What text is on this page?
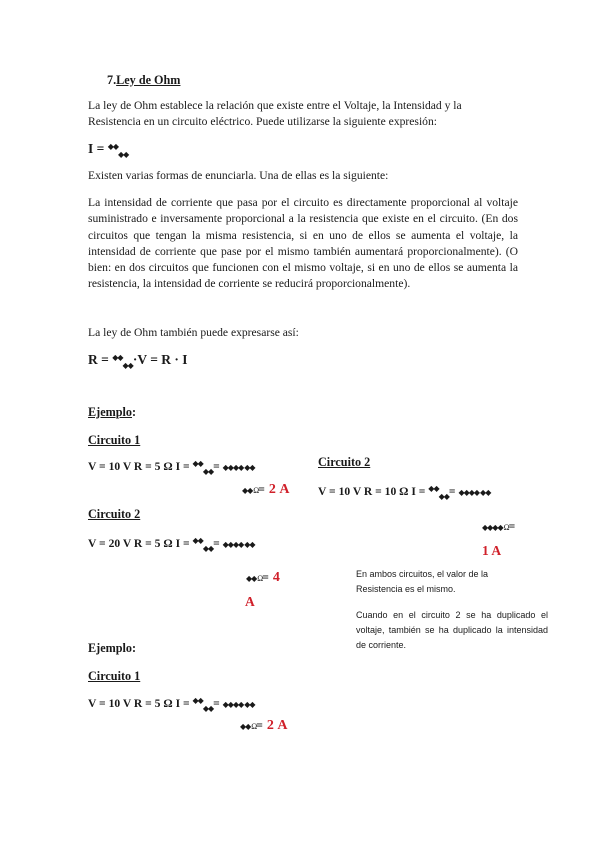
7.Ley de Ohm
La ley de Ohm establece la relación que existe entre el Voltaje, la Intensidad y la
Resistencia en un circuito eléctrico. Puede utilizarse la siguiente expresión:
I = ◆◆$_{◆◆}$
Existen varias formas de enunciarla. Una de ellas es la siguiente:
La intensidad de corriente que pasa por el circuito es directamente proporcional al voltaje suministrado e inversamente proporcional a la resistencia que existe en el circuito. (En dos circuitos que tengan la misma resistencia, si en uno de ellos se aumenta el voltaje, la intensidad de corriente que pase por el mismo también aumentará proporcionalmente). (O bien: en dos circuitos que funcionen con el mismo voltaje, si en uno de ellos se aumenta la resistencia, la intensidad de corriente se reducirá proporcionalmente).
La ley de Ohm también puede expresarse así:
R = ◆◆$_{◆◆}$·V = R · I
Ejemplo:
Circuito 1
V = 10 V R = 5 Ω I = ◆◆$_{◆◆}$= ◆◆◆◆ ◆◆
◆◆ Ω= 2 A
Circuito 2
V = 10 V R = 10 Ω I = ◆◆$_{◆◆}$= ◆◆◆◆ ◆◆
◆◆◆◆ Ω=
1 A
Circuito 2
V = 20 V R = 5 Ω I = ◆◆$_{◆◆}$= ◆◆◆◆ ◆◆
◆◆ Ω= 4
A
En ambos circuitos, el valor de la
Resistencia es el mismo.
Cuando en el circuito 2 se ha duplicado el voltaje, también se ha duplicado la intensidad de corriente.
Ejemplo:
Circuito 1
V = 10 V R = 5 Ω I = ◆◆$_{◆◆}$= ◆◆◆◆ ◆◆
◆◆ Ω= 2 A
